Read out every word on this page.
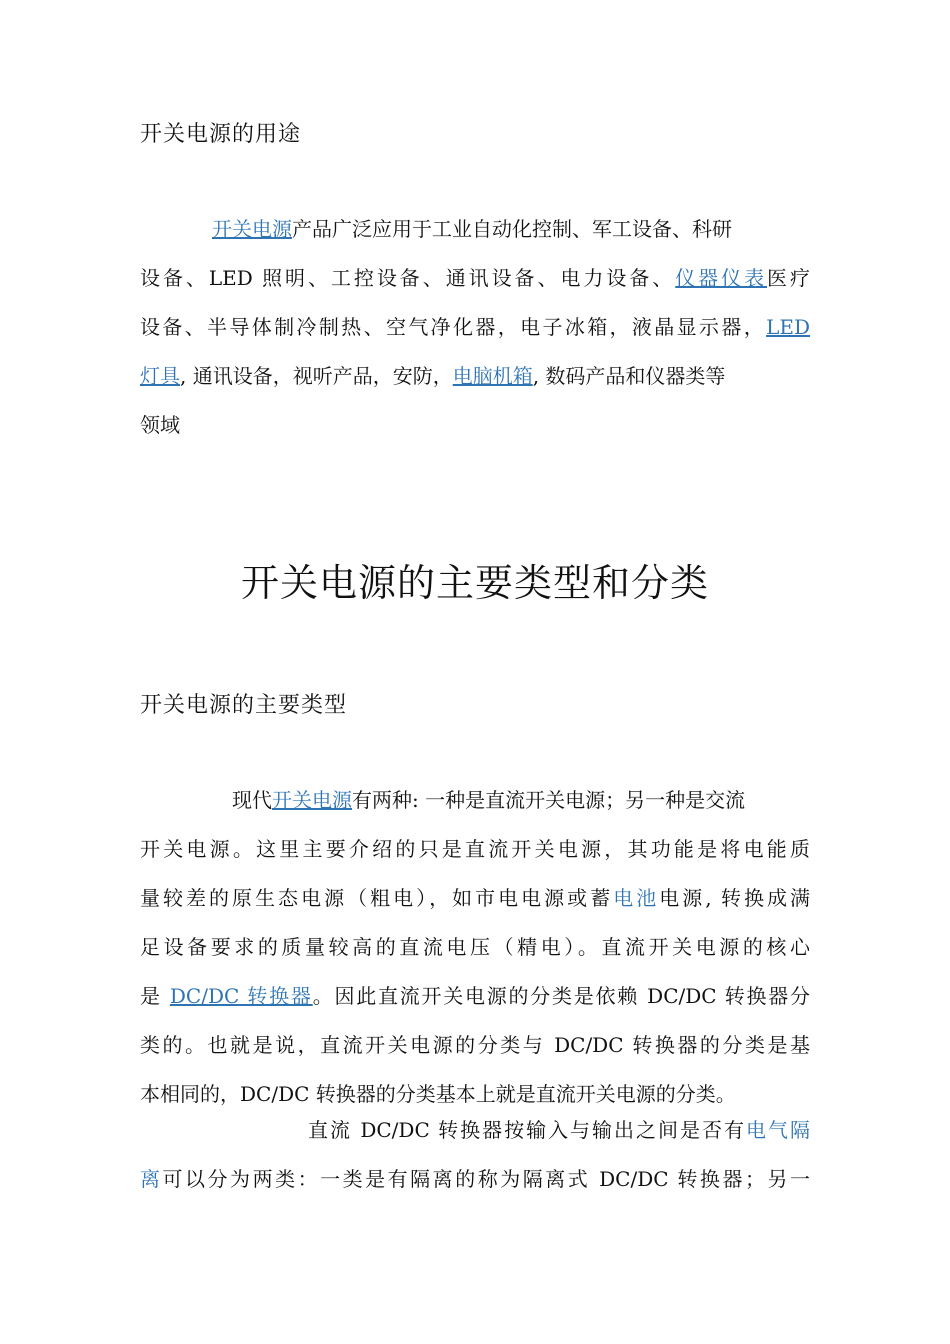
开关电源的用途
开关电源产品广泛应用于工业自动化控制、军工设备、科研
设备、LED 照明、工控设备、通讯设备、电力设备、仪器仪表医疗
设备、半导体制冷制热、空气净化器，电子冰箱，液晶显示器，LED
灯具, 通讯设备，视听产品，安防，电脑机箱, 数码产品和仪器类等
领域
开关电源的主要类型和分类
开关电源的主要类型
现代开关电源有两种: 一种是直流开关电源；另一种是交流
开关电源。这里主要介绍的只是直流开关电源，其功能是将电能质
量较差的原生态电源（粗电），如市电电源或蓄电池电源, 转换成满
足设备要求的质量较高的直流电压（精电）。直流开关电源的核心
是 DC/DC 转换器。因此直流开关电源的分类是依赖 DC/DC 转换器分
类的。也就是说，直流开关电源的分类与 DC/DC 转换器的分类是基
本相同的，DC/DC 转换器的分类基本上就是直流开关电源的分类。
直流 DC/DC 转换器按输入与输出之间是否有电气隔
离可以分为两类：一类是有隔离的称为隔离式 DC/DC 转换器；另一
